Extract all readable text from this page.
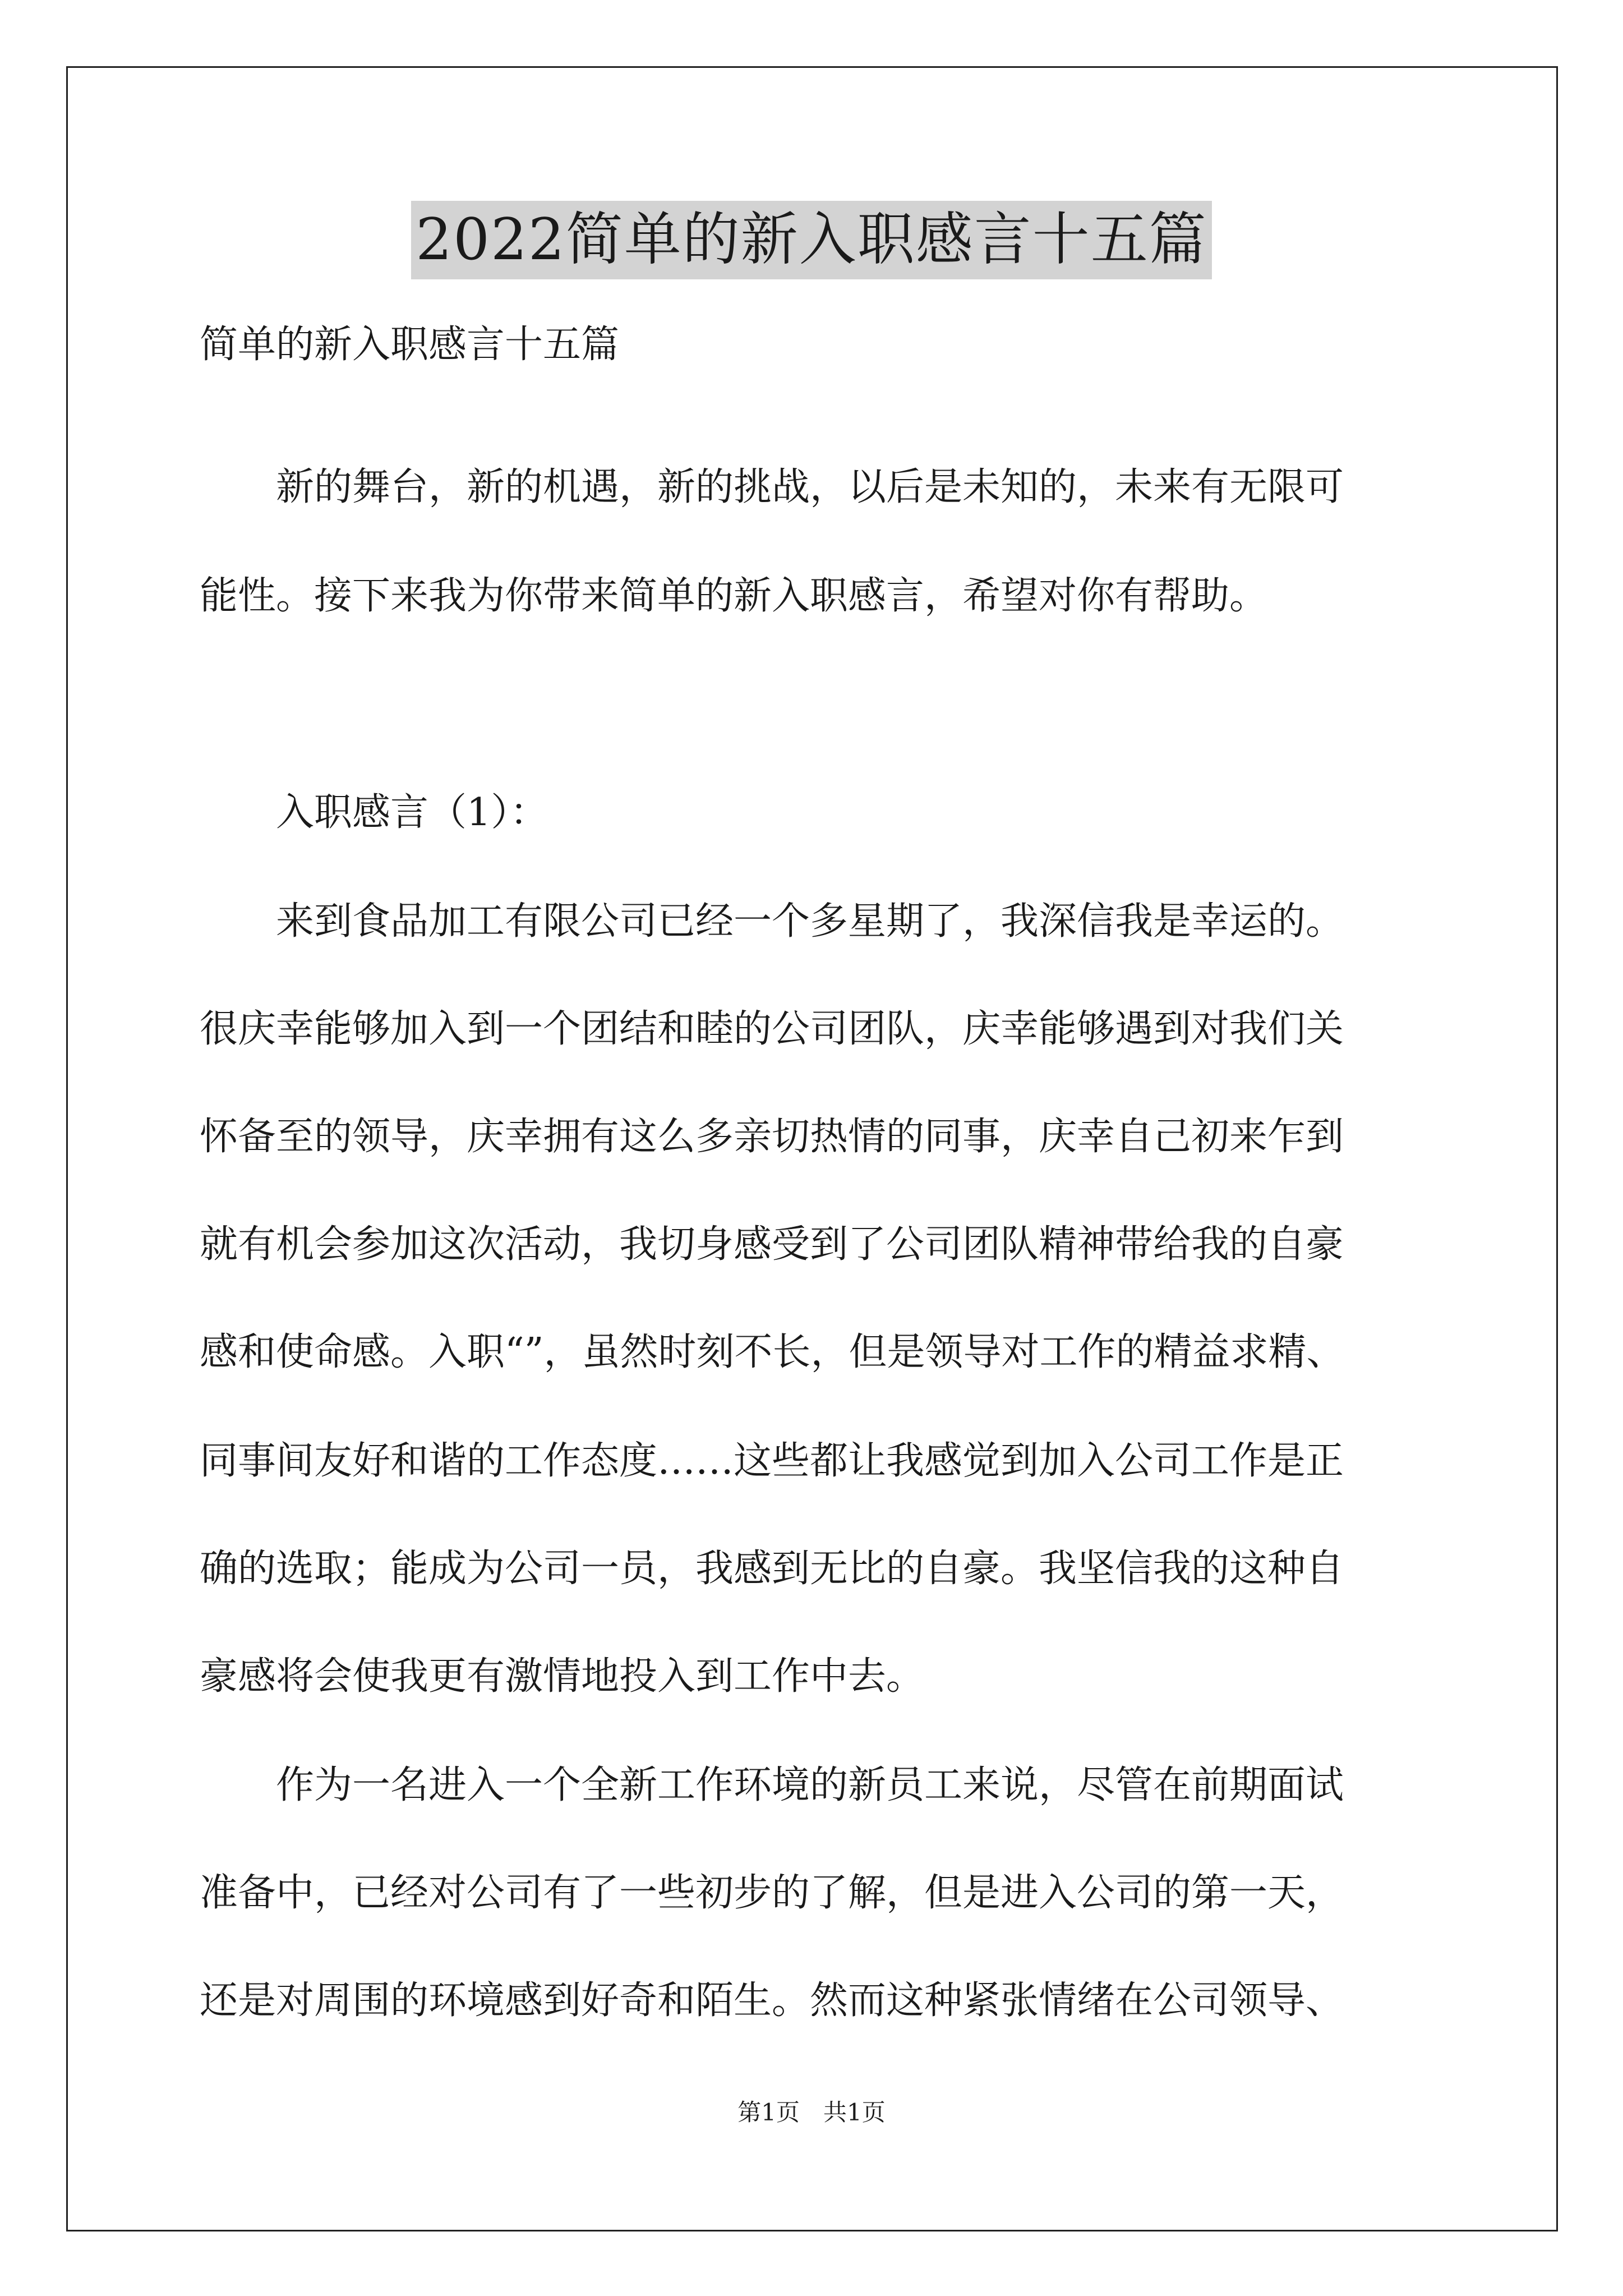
2022简单的新入职感言十五篇
简单的新入职感言十五篇
　　新的舞台，新的机遇，新的挑战，以后是未知的，未来有无限可
能性。接下来我为你带来简单的新入职感言，希望对你有帮助。
　　入职感言（1）：
　　来到食品加工有限公司已经一个多星期了，我深信我是幸运的。
很庆幸能够加入到一个团结和睦的公司团队，庆幸能够遇到对我们关
怀备至的领导，庆幸拥有这么多亲切热情的同事，庆幸自己初来乍到
就有机会参加这次活动，我切身感受到了公司团队精神带给我的自豪
感和使命感。入职“”，虽然时刻不长，但是领导对工作的精益求精、
同事间友好和谐的工作态度……这些都让我感觉到加入公司工作是正
确的选取；能成为公司一员，我感到无比的自豪。我坚信我的这种自
豪感将会使我更有激情地投入到工作中去。
　　作为一名进入一个全新工作环境的新员工来说，尽管在前期面试
准备中，已经对公司有了一些初步的了解，但是进入公司的第一天，
还是对周围的环境感到好奇和陌生。然而这种紧张情绪在公司领导、
第1页　共1页
